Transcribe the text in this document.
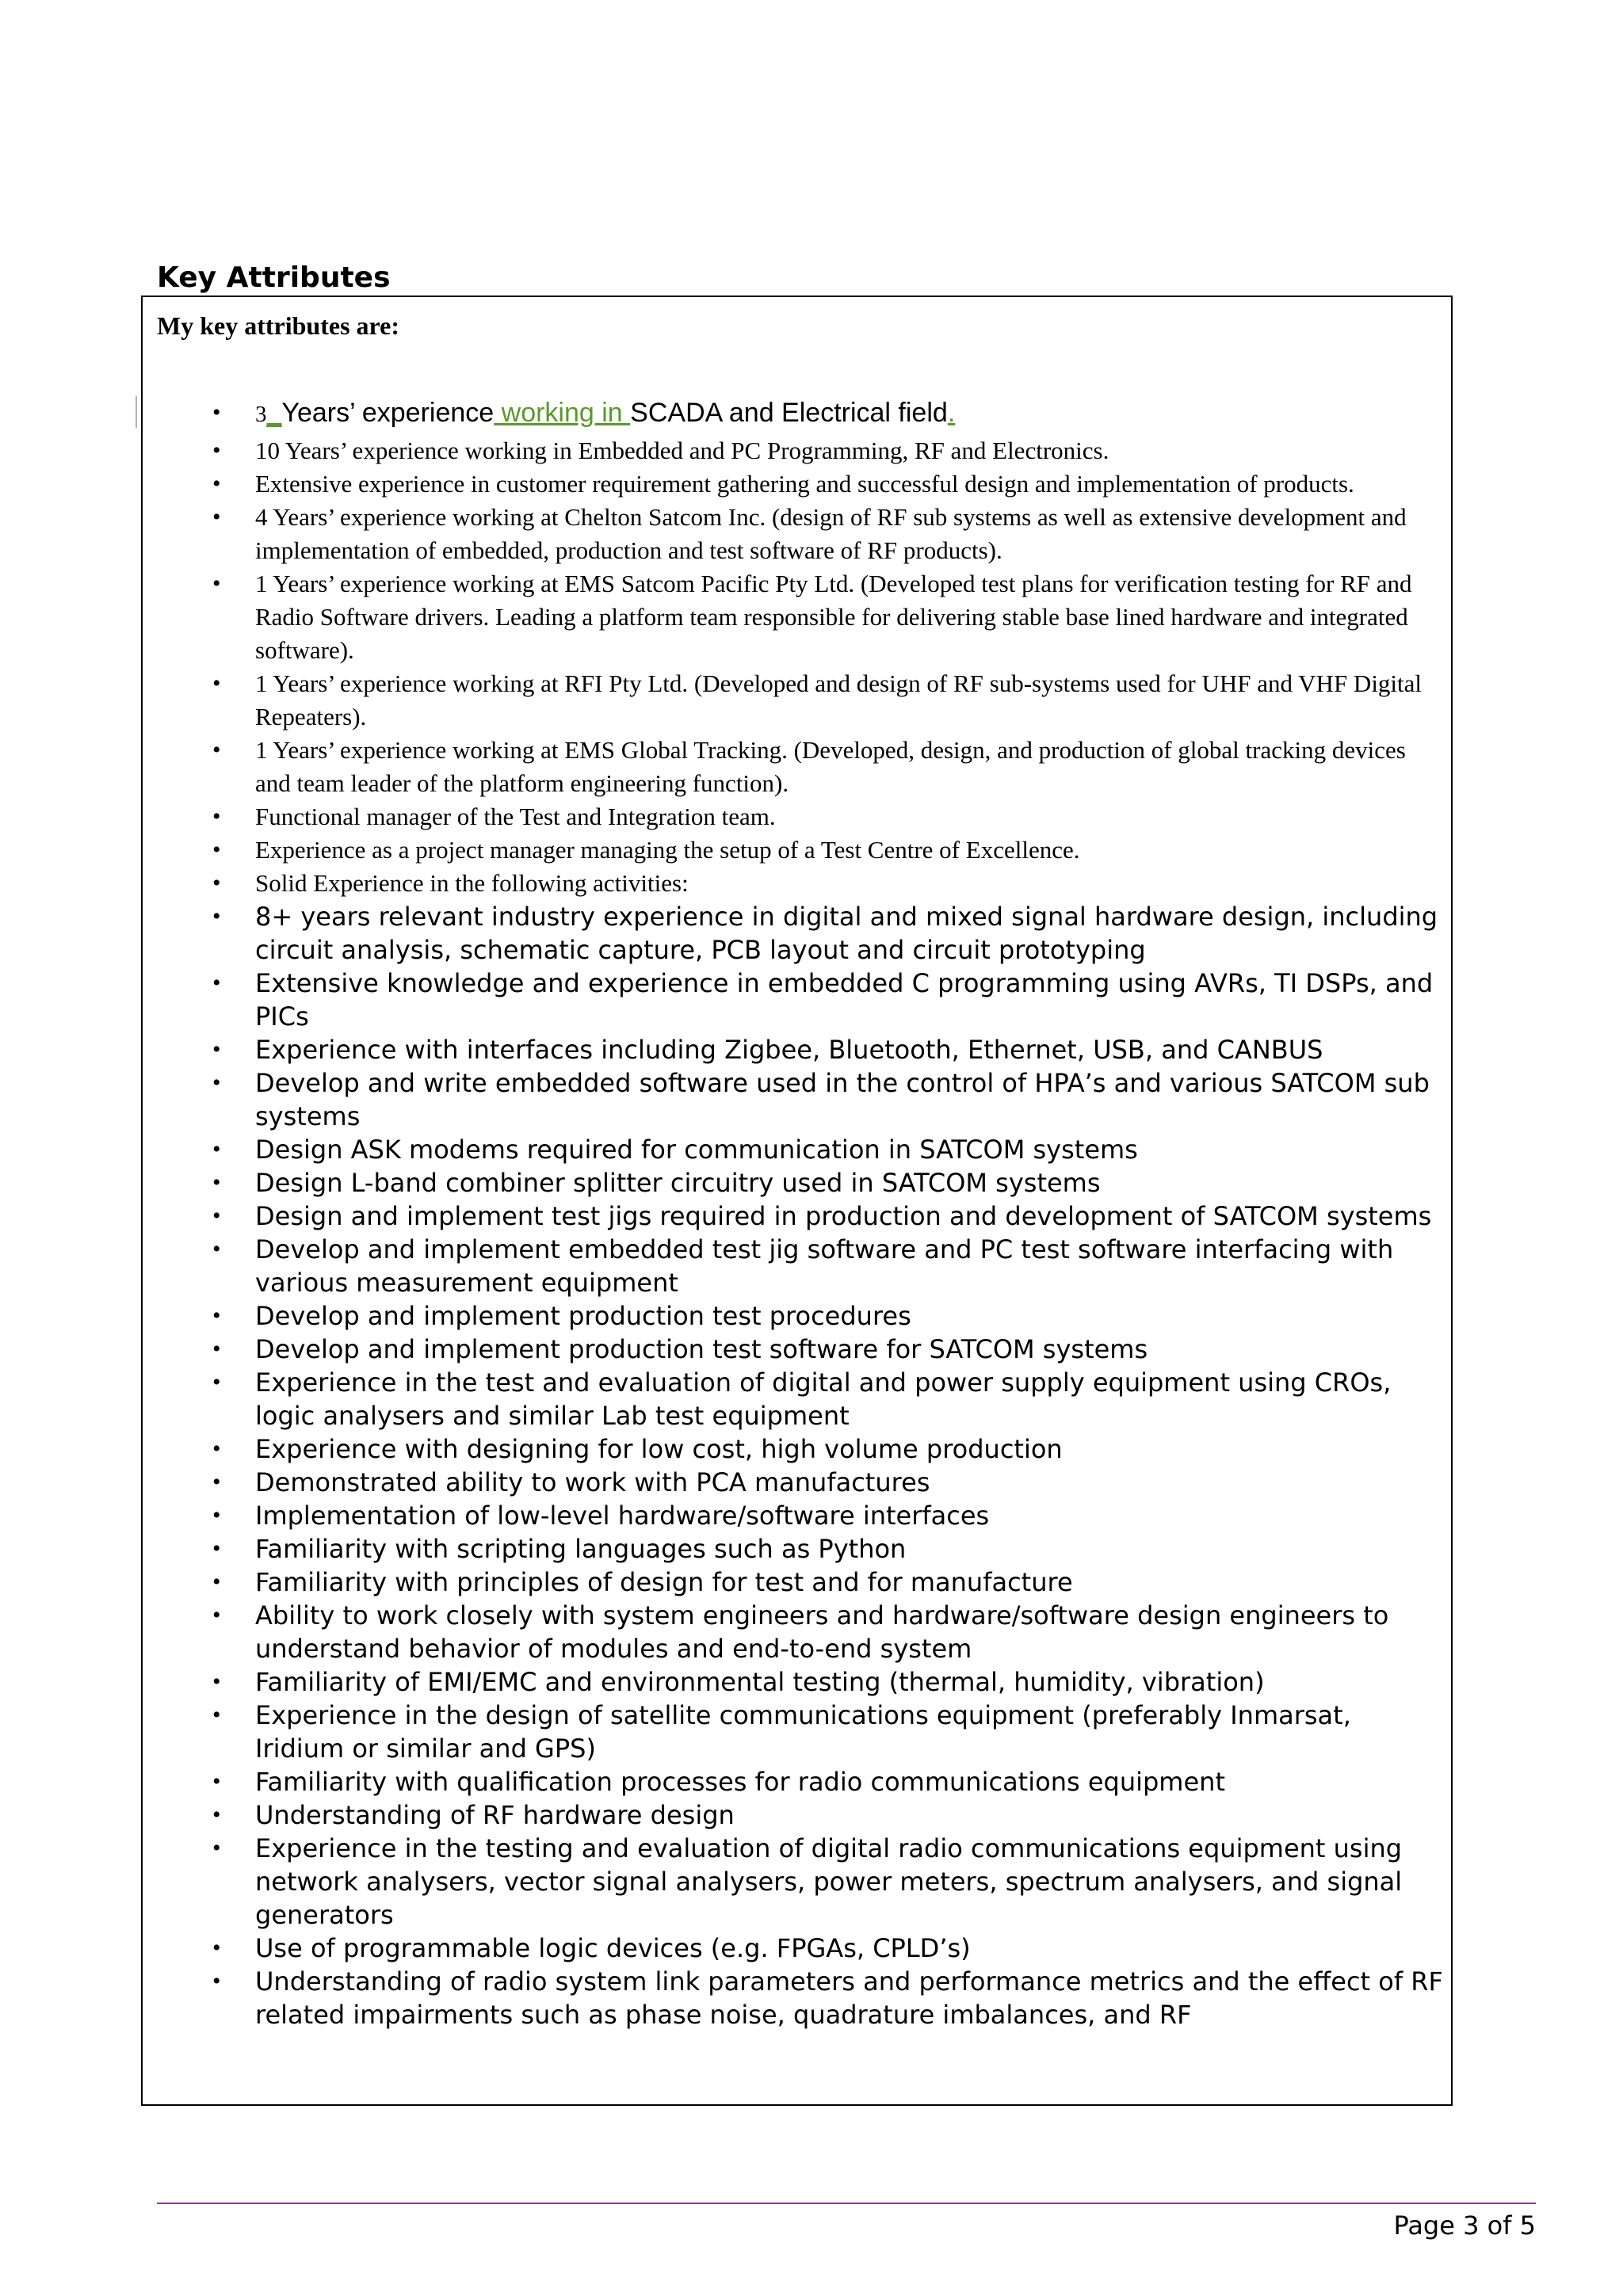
Key Attributes
My key attributes are:
• 3_Years’ experience working in SCADA and Electrical field.
• 10 Years’ experience working in Embedded and PC Programming, RF and Electronics.
• Extensive experience in customer requirement gathering and successful design and implementation of products.
• 4 Years’ experience working at Chelton Satcom Inc. (design of RF sub systems as well as extensive development and implementation of embedded, production and test software of RF products).
• 1 Years’ experience working at EMS Satcom Pacific Pty Ltd. (Developed test plans for verification testing for RF and Radio Software drivers. Leading a platform team responsible for delivering stable base lined hardware and integrated software).
• 1 Years’ experience working at RFI Pty Ltd. (Developed and design of RF sub-systems used for UHF and VHF Digital Repeaters).
• 1 Years’ experience working at EMS Global Tracking. (Developed, design, and production of global tracking devices and team leader of the platform engineering function).
• Functional manager of the Test and Integration team.
• Experience as a project manager managing the setup of a Test Centre of Excellence.
• Solid Experience in the following activities:
• 8+ years relevant industry experience in digital and mixed signal hardware design, including circuit analysis, schematic capture, PCB layout and circuit prototyping
• Extensive knowledge and experience in embedded C programming using AVRs, TI DSPs, and PICs
• Experience with interfaces including Zigbee, Bluetooth, Ethernet, USB, and CANBUS
• Develop and write embedded software used in the control of HPA’s and various SATCOM sub systems
• Design ASK modems required for communication in SATCOM systems
• Design L-band combiner splitter circuitry used in SATCOM systems
• Design and implement test jigs required in production and development of SATCOM systems
• Develop and implement embedded test jig software and PC test software interfacing with various measurement equipment
• Develop and implement production test procedures
• Develop and implement production test software for SATCOM systems
• Experience in the test and evaluation of digital and power supply equipment using CROs, logic analysers and similar Lab test equipment
• Experience with designing for low cost, high volume production
• Demonstrated ability to work with PCA manufactures
• Implementation of low-level hardware/software interfaces
• Familiarity with scripting languages such as Python
• Familiarity with principles of design for test and for manufacture
• Ability to work closely with system engineers and hardware/software design engineers to understand behavior of modules and end-to-end system
• Familiarity of EMI/EMC and environmental testing (thermal, humidity, vibration)
• Experience in the design of satellite communications equipment (preferably Inmarsat, Iridium or similar and GPS)
• Familiarity with qualification processes for radio communications equipment
• Understanding of RF hardware design
• Experience in the testing and evaluation of digital radio communications equipment using network analysers, vector signal analysers, power meters, spectrum analysers, and signal generators
• Use of programmable logic devices (e.g. FPGAs, CPLD’s)
• Understanding of radio system link parameters and performance metrics and the effect of RF related impairments such as phase noise, quadrature imbalances, and RF
Page 3 of 5
